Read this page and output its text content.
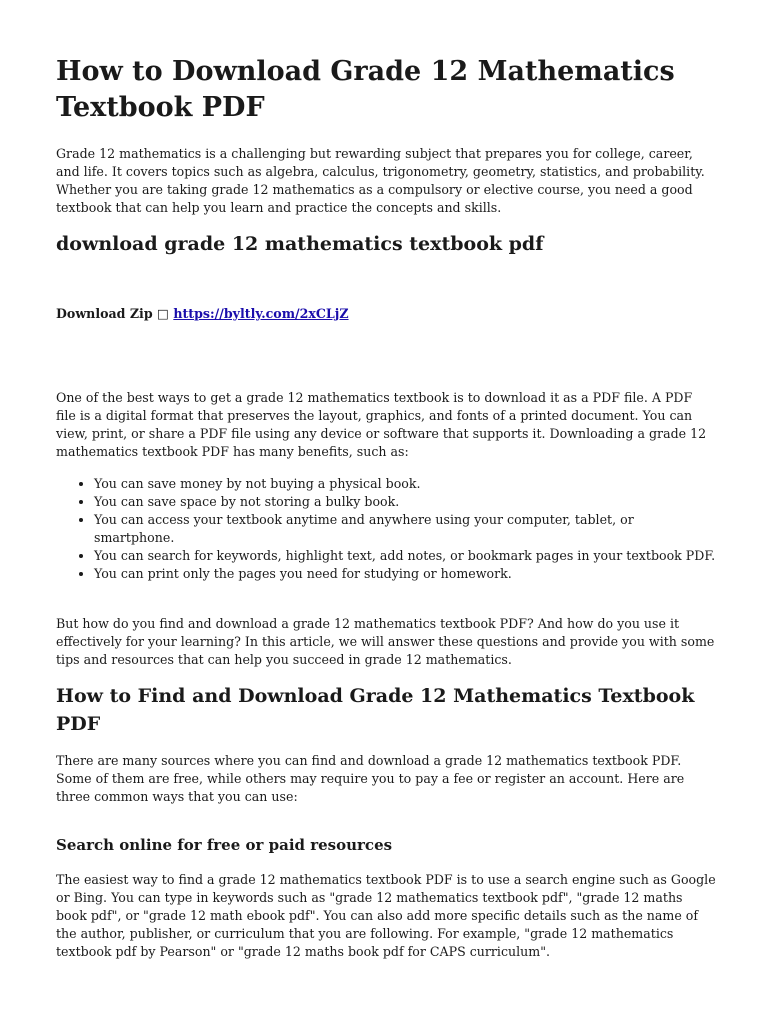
How to Download Grade 12 Mathematics Textbook PDF

Grade 12 mathematics is a challenging but rewarding subject that prepares you for college, career, and life. It covers topics such as algebra, calculus, trigonometry, geometry, statistics, and probability. Whether you are taking grade 12 mathematics as a compulsory or elective course, you need a good textbook that can help you learn and practice the concepts and skills.

download grade 12 mathematics textbook pdf
Download Zip □ https://byltly.com/2xCLjZ

One of the best ways to get a grade 12 mathematics textbook is to download it as a PDF file. A PDF file is a digital format that preserves the layout, graphics, and fonts of a printed document. You can view, print, or share a PDF file using any device or software that supports it. Downloading a grade 12 mathematics textbook PDF has many benefits, such as:

• You can save money by not buying a physical book.
• You can save space by not storing a bulky book.
• You can access your textbook anytime and anywhere using your computer, tablet, or smartphone.
• You can search for keywords, highlight text, add notes, or bookmark pages in your textbook PDF.
• You can print only the pages you need for studying or homework.

But how do you find and download a grade 12 mathematics textbook PDF? And how do you use it effectively for your learning? In this article, we will answer these questions and provide you with some tips and resources that can help you succeed in grade 12 mathematics.

How to Find and Download Grade 12 Mathematics Textbook PDF

There are many sources where you can find and download a grade 12 mathematics textbook PDF. Some of them are free, while others may require you to pay a fee or register an account. Here are three common ways that you can use:

Search online for free or paid resources

The easiest way to find a grade 12 mathematics textbook PDF is to use a search engine such as Google or Bing. You can type in keywords such as "grade 12 mathematics textbook pdf", "grade 12 maths book pdf", or "grade 12 math ebook pdf". You can also add more specific details such as the name of the author, publisher, or curriculum that you are following. For example, "grade 12 mathematics textbook pdf by Pearson" or "grade 12 maths book pdf for CAPS curriculum".
